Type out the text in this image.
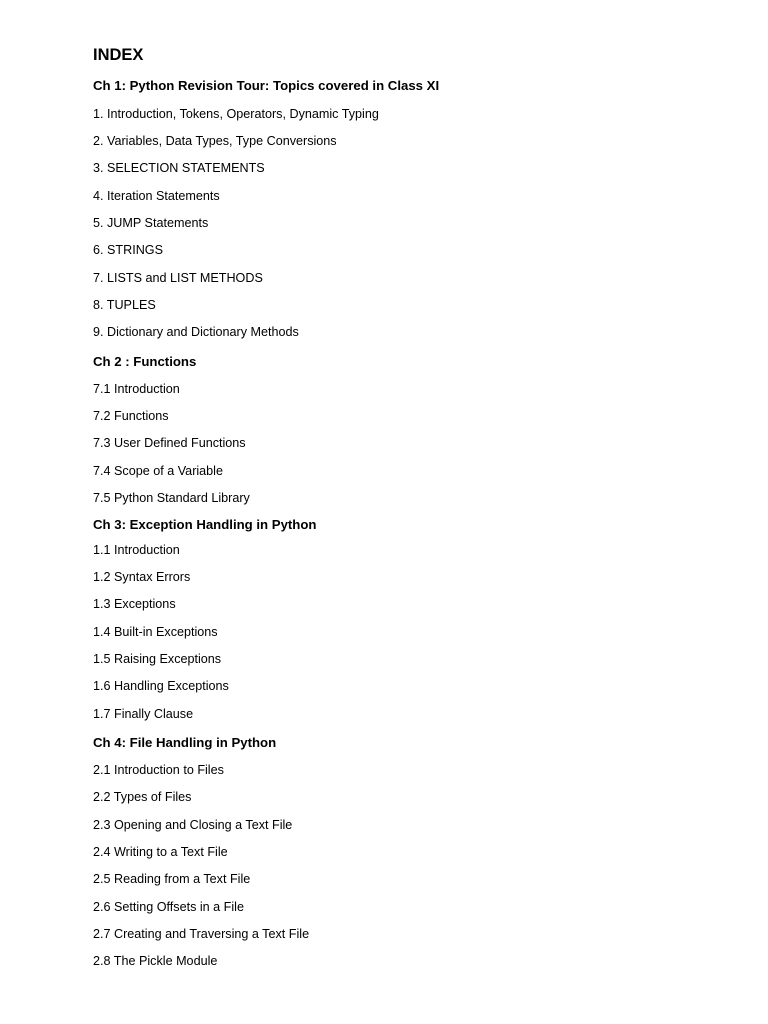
INDEX
Ch 1: Python Revision Tour: Topics covered in Class XI
1. Introduction, Tokens, Operators, Dynamic Typing
2. Variables, Data Types, Type Conversions
3. SELECTION STATEMENTS
4. Iteration Statements
5. JUMP Statements
6. STRINGS
7. LISTS and LIST METHODS
8. TUPLES
9. Dictionary and Dictionary Methods
Ch 2 : Functions
7.1 Introduction
7.2 Functions
7.3 User Defined Functions
7.4 Scope of a Variable
7.5 Python Standard Library
Ch 3: Exception Handling in Python
1.1 Introduction
1.2 Syntax Errors
1.3 Exceptions
1.4 Built-in Exceptions
1.5 Raising Exceptions
1.6 Handling Exceptions
1.7 Finally Clause
Ch 4: File Handling in Python
2.1 Introduction to Files
2.2 Types of Files
2.3 Opening and Closing a Text File
2.4 Writing to a Text File
2.5 Reading from a Text File
2.6 Setting Offsets in a File
2.7 Creating and Traversing a Text File
2.8 The Pickle Module
